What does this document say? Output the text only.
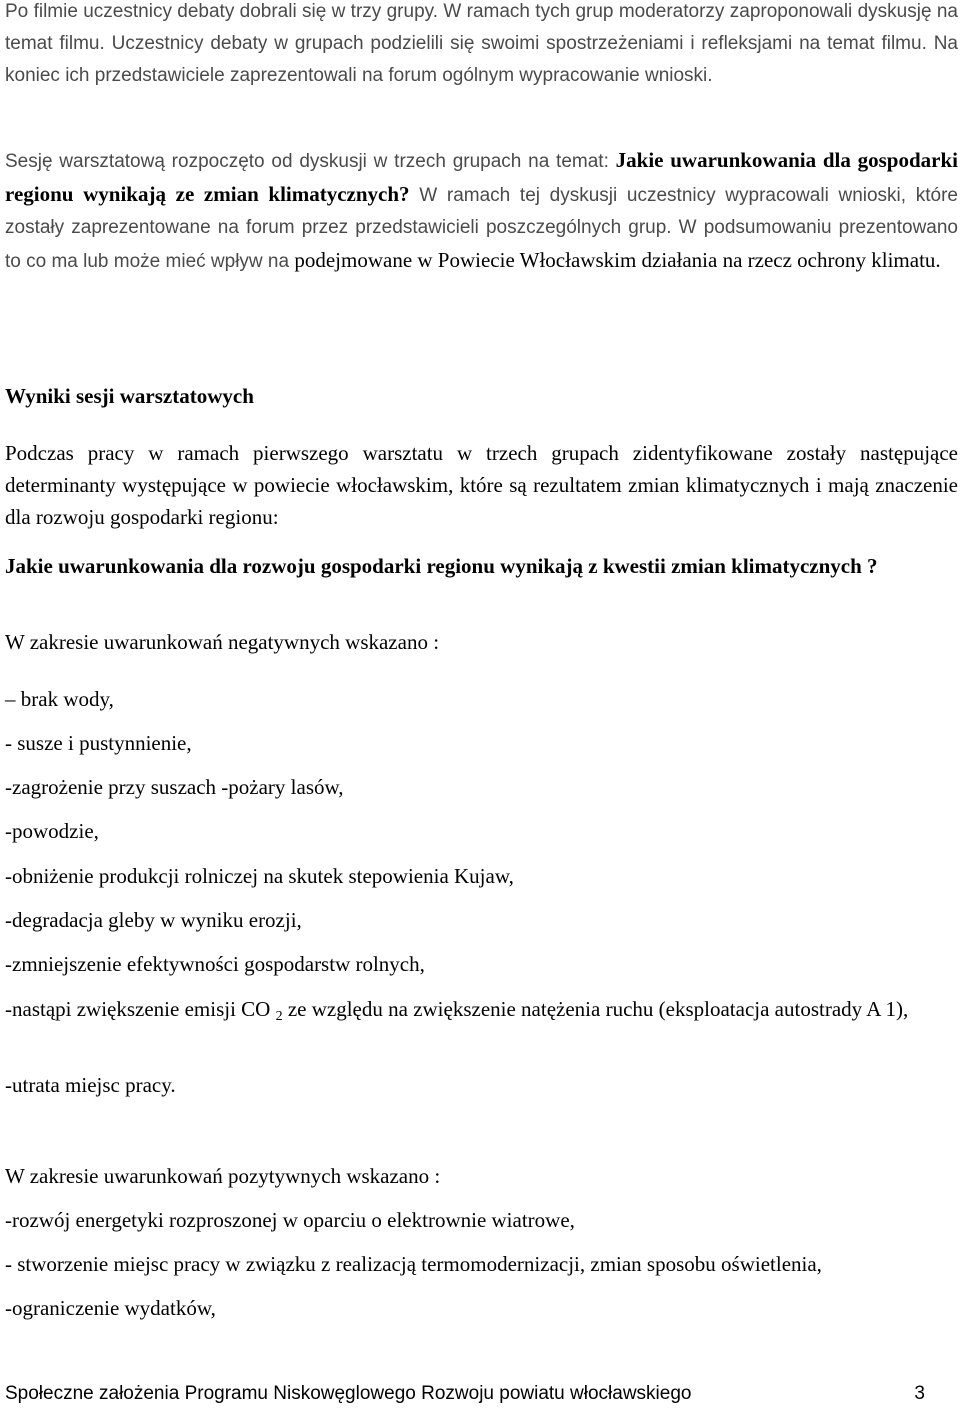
Po filmie uczestnicy debaty dobrali się w trzy grupy. W ramach tych grup moderatorzy zaproponowali dyskusję na temat filmu. Uczestnicy debaty w grupach podzielili się swoimi spostrzeżeniami i refleksjami na temat filmu. Na koniec ich przedstawiciele zaprezentowali na forum ogólnym wypracowanie wnioski.

Sesję warsztatową rozpoczęto od dyskusji w trzech grupach na temat: Jakie uwarunkowania dla gospodarki regionu wynikają ze zmian klimatycznych? W ramach tej dyskusji uczestnicy wypracowali wnioski, które zostały zaprezentowane na forum przez przedstawicieli poszczególnych grup. W podsumowaniu prezentowano to co ma lub może mieć wpływ na podejmowane w Powiecie Włocławskim działania na rzecz ochrony klimatu.

Wyniki sesji warsztatowych

Podczas pracy w ramach pierwszego warsztatu w trzech grupach zidentyfikowane zostały następujące determinanty występujące w powiecie włocławskim, które są rezultatem zmian klimatycznych i mają znaczenie dla rozwoju gospodarki regionu:

Jakie uwarunkowania dla rozwoju gospodarki regionu wynikają z kwestii zmian klimatycznych ?

W zakresie uwarunkowań negatywnych wskazano :

– brak wody,

- susze i pustynnienie,

-zagrożenie przy suszach -pożary lasów,

-powodzie,

-obniżenie produkcji rolniczej na skutek stepowienia Kujaw,

-degradacja gleby w wyniku erozji,

-zmniejszenie efektywności gospodarstw rolnych,

-nastąpi zwiększenie emisji CO $_2$ ze względu na zwiększenie natężenia ruchu (eksploatacja autostrady A 1),

-utrata miejsc pracy.

W zakresie uwarunkowań pozytywnych wskazano :

-rozwój energetyki rozproszonej w oparciu o elektrownie wiatrowe,

- stworzenie miejsc pracy w związku z realizacją termomodernizacji, zmian sposobu oświetlenia,

-ograniczenie wydatków,

Społeczne założenia Programu Niskowęglowego Rozwoju powiatu włocławskiego	3
